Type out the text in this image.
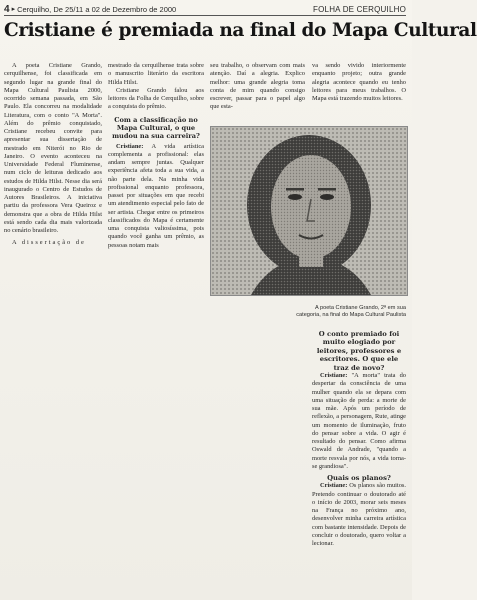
4 ▸ Cerquilho, De 25/11 a 02 de Dezembro de 2000	FOLHA DE CERQUILHO
Cristiane é premiada na final do Mapa Cultural

A poeta Cristiane Grando, cerquilhense, foi classificada em segundo lugar na grande final do Mapa Cultural Paulista 2000, ocorrido semana passada, em São Paulo. Ela concorreu na modalidade Literatura, com o conto "A Morta". Além do prêmio conquistado, Cristiane recebeu convite para apresentar sua dissertação de mestrado em Niterói no Rio de Janeiro. O evento aconteceu na Universidade Federal Fluminense, num ciclo de leituras dedicado aos estudos de Hilda Hilst. Nesse dia será inaugurado o Centro de Estudos de Autores Brasileiros. A iniciativa partiu da professora Vera Queiroz e demonstra que a obra de Hilda Hilst está sendo cada dia mais valorizada no cenário brasileiro.

A dissertação de

mestrado da cerquilhense trata sobre o manuscrito literário da escritora Hilda Hilst.

Cristiane Grando falou aos leitores da Folha de Cerquilho, sobre a conquista do prêmio.

Com a classificação no Mapa Cultural, o que mudou na sua carreira?

Cristiane: A vida artística complementa a profissional: elas andam sempre juntas. Qualquer experiência afeta toda a sua vida, a não parte dela. Na minha vida profissional enquanto professora, passei por situações em que recebi um atendimento especial pelo fato de ser artista. Chegar entre os primeiros classificados do Mapa é certamente uma conquista valiosíssima, pois quando você ganha um prêmio, as pessoas notam mais

seu trabalho, o observam com mais atenção. Daí a alegria. Explico melhor: uma grande alegria toma conta de mim quando consigo escrever, passar para o papel algo que esta-

va sendo vivido interiormente enquanto projeto; outra grande alegria acontece quando eu tenho leitores para meus trabalhos. O Mapa está trazendo muitos leitores.

A poeta Cristiane Grando, 2ª em sua categoria, na final do Mapa Cultural Paulista

O conto premiado foi muito elogiado por leitores, professores e escritores. O que ele traz de novo?

Cristiane: "A morta" trata do despertar da consciência de uma mulher quando ela se depara com uma situação de perda: a morte de sua mãe. Após um período de reflexão, a personagem, Rute, atinge um momento de iluminação, fruto do pensar sobre a vida. O agir é resultado do pensar. Como afirma Oswald de Andrade, "quando a morte resvala por nós, a vida torna-se grandiosa".

Quais os planos?

Cristiane: Os planos são muitos. Pretendo continuar o doutorado até o início de 2003, morar seis meses na França no próximo ano, desenvolver minha carreira artística com bastante intensidade. Depois de concluir o doutorado, quero voltar a lecionar.
